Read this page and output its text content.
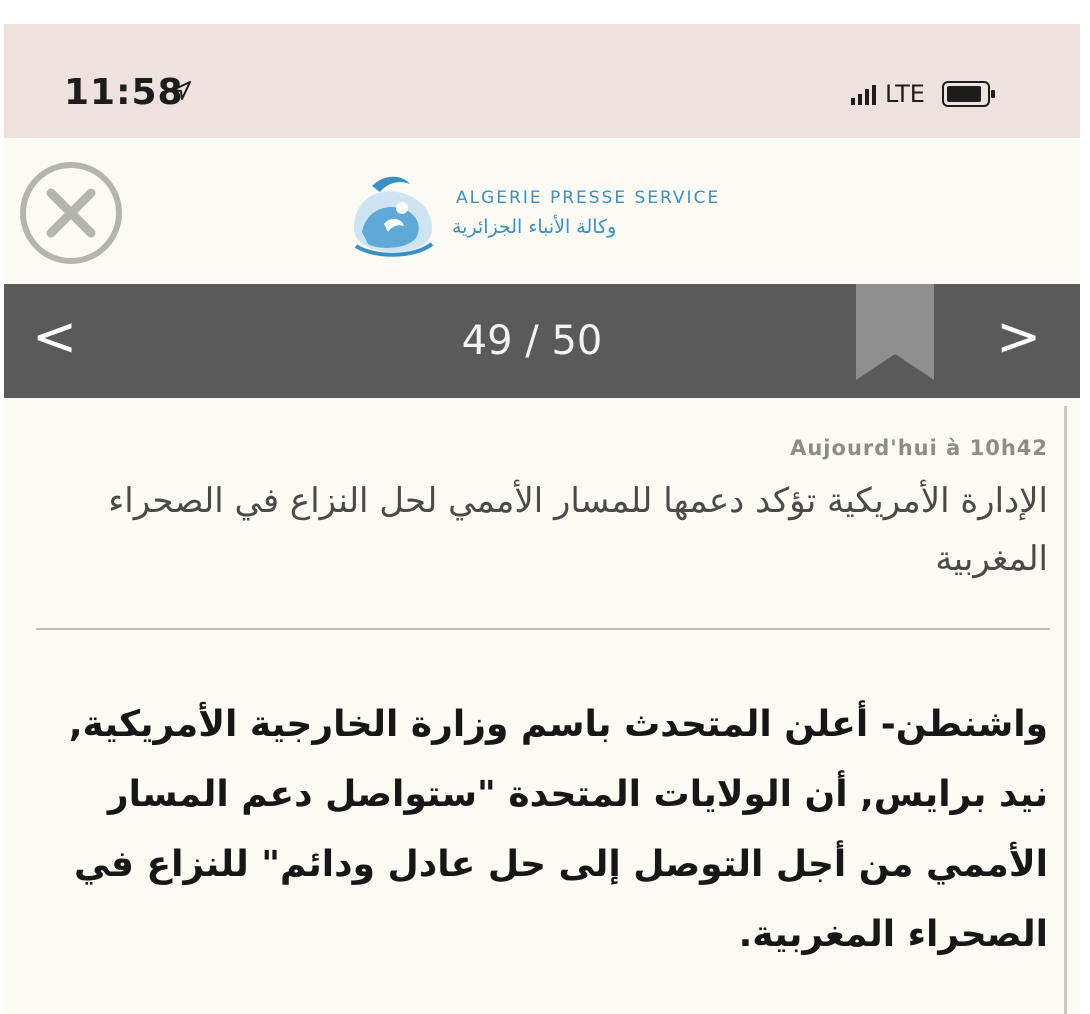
11:58	LTE
ALGERIE PRESSE SERVICE
وكالة الأنباء الجزائرية
<	49 / 50	>
Aujourd'hui à 10h42
الإدارة الأمريكية تؤكد دعمها للمسار الأممي لحل النزاع في الصحراء المغربية
واشنطن- أعلن المتحدث باسم وزارة الخارجية الأمريكية, نيد برايس, أن الولايات المتحدة "ستواصل دعم المسار الأممي من أجل التوصل إلى حل عادل ودائم" للنزاع في الصحراء المغربية.
